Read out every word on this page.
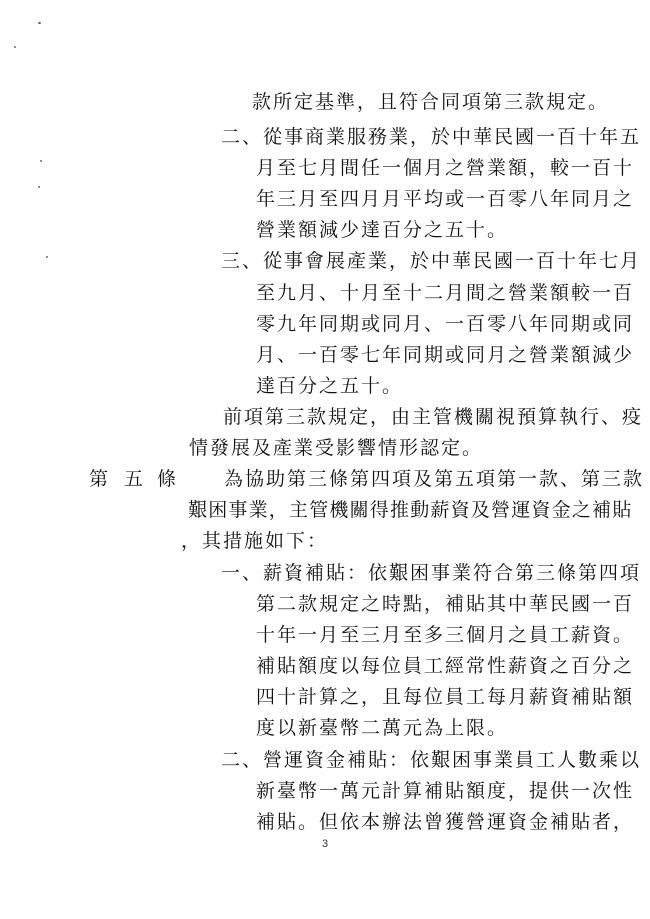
款所定基準，且符合同項第三款規定。
二、從事商業服務業，於中華民國一百十年五
月至七月間任一個月之營業額，較一百十
年三月至四月月平均或一百零八年同月之
營業額減少達百分之五十。
三、從事會展產業，於中華民國一百十年七月
至九月、十月至十二月間之營業額較一百
零九年同期或同月、一百零八年同期或同
月、一百零七年同期或同月之營業額減少
達百分之五十。
前項第三款規定，由主管機關視預算執行、疫
情發展及產業受影響情形認定。
第 五 條	為協助第三條第四項及第五項第一款、第三款
艱困事業，主管機關得推動薪資及營運資金之補貼
，其措施如下：
一、薪資補貼：依艱困事業符合第三條第四項
第二款規定之時點，補貼其中華民國一百
十年一月至三月至多三個月之員工薪資。
補貼額度以每位員工經常性薪資之百分之
四十計算之，且每位員工每月薪資補貼額
度以新臺幣二萬元為上限。
二、營運資金補貼：依艱困事業員工人數乘以
新臺幣一萬元計算補貼額度，提供一次性
補貼。但依本辦法曾獲營運資金補貼者，
3
